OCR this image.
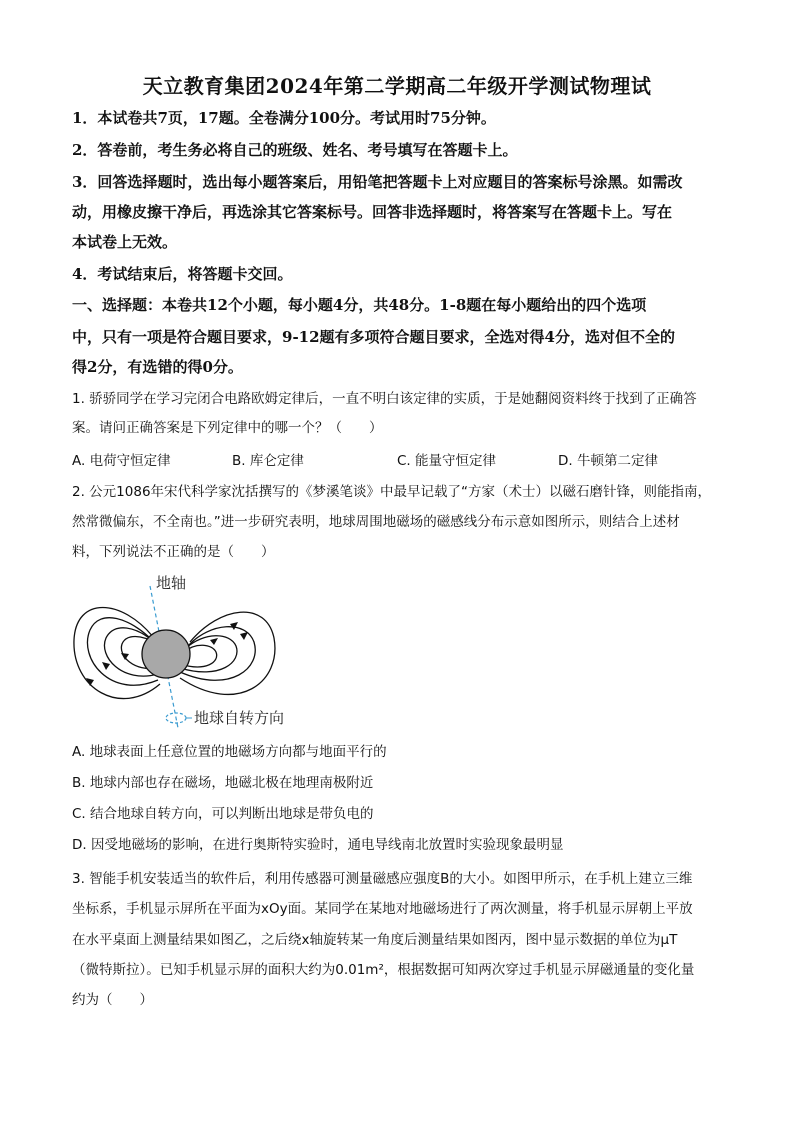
天立教育集团2024年第二学期高二年级开学测试物理试
1．本试卷共7页，17题。全卷满分100分。考试用时75分钟。
2．答卷前，考生务必将自己的班级、姓名、考号填写在答题卡上。
3．回答选择题时，选出每小题答案后，用铅笔把答题卡上对应题目的答案标号涂黑。如需改
动，用橡皮擦干净后，再选涂其它答案标号。回答非选择题时，将答案写在答题卡上。写在
本试卷上无效。
4．考试结束后，将答题卡交回。
一、选择题：本卷共12个小题，每小题4分，共48分。1-8题在每小题给出的四个选项
中，只有一项是符合题目要求，9-12题有多项符合题目要求，全选对得4分，选对但不全的
得2分，有选错的得0分。
1. 骄骄同学在学习完闭合电路欧姆定律后，一直不明白该定律的实质，于是她翻阅资料终于找到了正确答
案。请问正确答案是下列定律中的哪一个？（　　）
A. 电荷守恒定律	B. 库仑定律	C. 能量守恒定律	D. 牛顿第二定律
2. 公元1086年宋代科学家沈括撰写的《梦溪笔谈》中最早记载了“方家（术士）以磁石磨针锋，则能指南，
然常微偏东，不全南也。”进一步研究表明，地球周围地磁场的磁感线分布示意如图所示，则结合上述材
料，下列说法不正确的是（　　）
地轴
地球自转方向
A. 地球表面上任意位置的地磁场方向都与地面平行的
B. 地球内部也存在磁场，地磁北极在地理南极附近
C. 结合地球自转方向，可以判断出地球是带负电的
D. 因受地磁场的影响，在进行奥斯特实验时，通电导线南北放置时实验现象最明显
3. 智能手机安装适当的软件后，利用传感器可测量磁感应强度B的大小。如图甲所示，在手机上建立三维
坐标系，手机显示屏所在平面为xOy面。某同学在某地对地磁场进行了两次测量，将手机显示屏朝上平放
在水平桌面上测量结果如图乙，之后绕x轴旋转某一角度后测量结果如图丙，图中显示数据的单位为μT
（微特斯拉）。已知手机显示屏的面积大约为0.01m²，根据数据可知两次穿过手机显示屏磁通量的变化量
约为（　　）
